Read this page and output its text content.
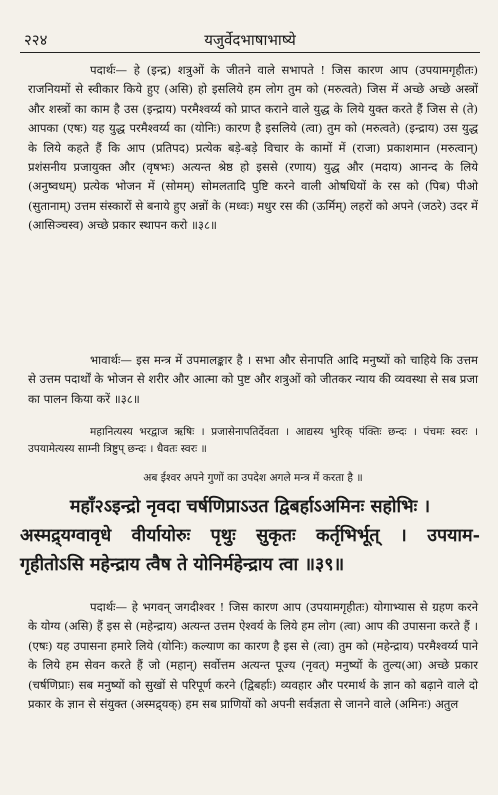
२२४	यजुर्वेदभाषाभाष्ये

पदार्थः— हे (इन्द्र) शत्रुओं के जीतने वाले सभापते ! जिस कारण आप (उपयामगृहीतः) राजनियमों से स्वीकार किये हुए (असि) हो इसलिये हम लोग तुम को (मरुत्वते) जिस में अच्छे अच्छे अस्त्रों और शस्त्रों का काम है उस (इन्द्राय) परमैश्वर्य्य को प्राप्त कराने वाले युद्ध के लिये युक्त करते हैं जिस से (ते) आपका (एषः) यह युद्ध परमैश्वर्य्य का (योनिः) कारण है इसलिये (त्वा) तुम को (मरुत्वते) (इन्द्राय) उस युद्ध के लिये कहते हैं कि आप (प्रतिपद) प्रत्येक बड़े-बड़े विचार के कामों में (राजा) प्रकाशमान (मरुत्वान्) प्रशंसनीय प्रजायुक्त और (वृषभः) अत्यन्त श्रेष्ठ हो इससे (रणाय) युद्ध और (मदाय) आनन्द के लिये (अनुष्वधम्) प्रत्येक भोजन में (सोमम्) सोमलतादि पुष्टि करने वाली ओषधियों के रस को (पिब) पीओ (सुतानाम्) उत्तम संस्कारों से बनाये हुए अन्नों के (मध्वः) मधुर रस की (ऊर्मिम्) लहरों को अपने (जठरे) उदर में (आसिञ्चस्व) अच्छे प्रकार स्थापन करो ॥३८॥

भावार्थः— इस मन्त्र में उपमालङ्कार है । सभा और सेनापति आदि मनुष्यों को चाहिये कि उत्तम से उत्तम पदार्थों के भोजन से शरीर और आत्मा को पुष्ट और शत्रुओं को जीतकर न्याय की व्यवस्था से सब प्रजा का पालन किया करें ॥३८॥

महानित्यस्य भरद्वाज ऋषिः । प्रजासेनापतिर्देवता । आद्यस्य भुरिक् पंक्तिः छन्दः । पंचमः स्वरः । उपयामेत्यस्य साम्नी त्रिष्टुप् छन्दः । धैवतः स्वरः ॥

अब ईश्वर अपने गुणों का उपदेश अगले मन्त्र में करता है ॥

महाँ२ऽइन्द्रो नृवदा चर्षणिप्राऽउत द्विबर्हाऽअमिनः सहोभिः ।
अस्मद्र्यग्वावृधे वीर्यायोरुः पृथुः सुकृतः कर्तृभिर्भूत् । उपयाम-
गृहीतोऽसि महेन्द्राय त्वैष ते योनिर्महेन्द्राय त्वा ॥३९॥

पदार्थः— हे भगवन् जगदीश्वर ! जिस कारण आप (उपयामगृहीतः) योगाभ्यास से ग्रहण करने के योग्य (असि) हैं इस से (महेन्द्राय) अत्यन्त उत्तम ऐश्वर्य के लिये हम लोग (त्वा) आप की उपासना करते हैं । (एषः) यह उपासना हमारे लिये (योनिः) कल्याण का कारण है इस से (त्वा) तुम को (महेन्द्राय) परमैश्वर्य्य पाने के लिये हम सेवन करते हैं जो (महान्) सर्वोत्तम अत्यन्त पूज्य (नृवत्) मनुष्यों के तुल्य(आ) अच्छे प्रकार (चर्षणिप्राः) सब मनुष्यों को सुखों से परिपूर्ण करने (द्विबर्हाः) व्यवहार और परमार्थ के ज्ञान को बढ़ाने वाले दो प्रकार के ज्ञान से संयुक्त (अस्मद्र्यक्) हम सब प्राणियों को अपनी सर्वज्ञता से जानने वाले (अमिनः) अतुल
